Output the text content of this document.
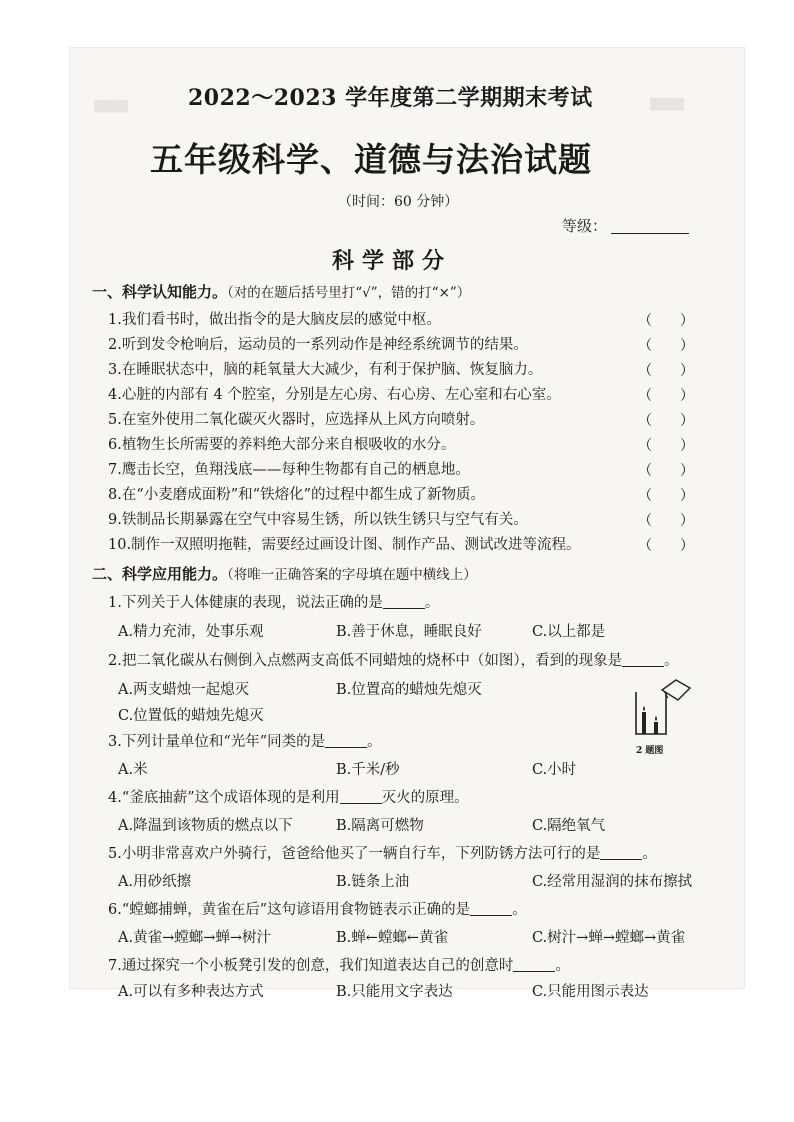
▒▒▒▒	▒▒▒▒
2022～2023 学年度第二学期期末考试
五年级科学、道德与法治试题
（时间：60 分钟）
等级：
科学部分
一、科学认知能力。（对的在题后括号里打“√”，错的打“×”）
1.我们看书时，做出指令的是大脑皮层的感觉中枢。	（　　）
2.听到发令枪响后，运动员的一系列动作是神经系统调节的结果。	（　　）
3.在睡眠状态中，脑的耗氧量大大减少，有利于保护脑、恢复脑力。	（　　）
4.心脏的内部有 4 个腔室，分别是左心房、右心房、左心室和右心室。	（　　）
5.在室外使用二氧化碳灭火器时，应选择从上风方向喷射。	（　　）
6.植物生长所需要的养料绝大部分来自根吸收的水分。	（　　）
7.鹰击长空，鱼翔浅底——每种生物都有自己的栖息地。	（　　）
8.在“小麦磨成面粉”和“铁熔化”的过程中都生成了新物质。	（　　）
9.铁制品长期暴露在空气中容易生锈，所以铁生锈只与空气有关。	（　　）
10.制作一双照明拖鞋，需要经过画设计图、制作产品、测试改进等流程。	（　　）
二、科学应用能力。（将唯一正确答案的字母填在题中横线上）
1.下列关于人体健康的表现，说法正确的是	。
A.精力充沛，处事乐观	B.善于休息，睡眠良好	C.以上都是
2.把二氧化碳从右侧倒入点燃两支高低不同蜡烛的烧杯中（如图），看到的现象是	。
A.两支蜡烛一起熄灭	B.位置高的蜡烛先熄灭
C.位置低的蜡烛先熄灭
2 题图
3.下列计量单位和“光年”同类的是	。
A.米	B.千米/秒	C.小时
4.“釜底抽薪”这个成语体现的是利用	灭火的原理。
A.降温到该物质的燃点以下	B.隔离可燃物	C.隔绝氧气
5.小明非常喜欢户外骑行，爸爸给他买了一辆自行车，下列防锈方法可行的是	。
A.用砂纸擦	B.链条上油	C.经常用湿润的抹布擦拭
6.“螳螂捕蝉，黄雀在后”这句谚语用食物链表示正确的是	。
A.黄雀→螳螂→蝉→树汁	B.蝉←螳螂←黄雀	C.树汁→蝉→螳螂→黄雀
7.通过探究一个小板凳引发的创意，我们知道表达自己的创意时	。
A.可以有多种表达方式	B.只能用文字表达	C.只能用图示表达
